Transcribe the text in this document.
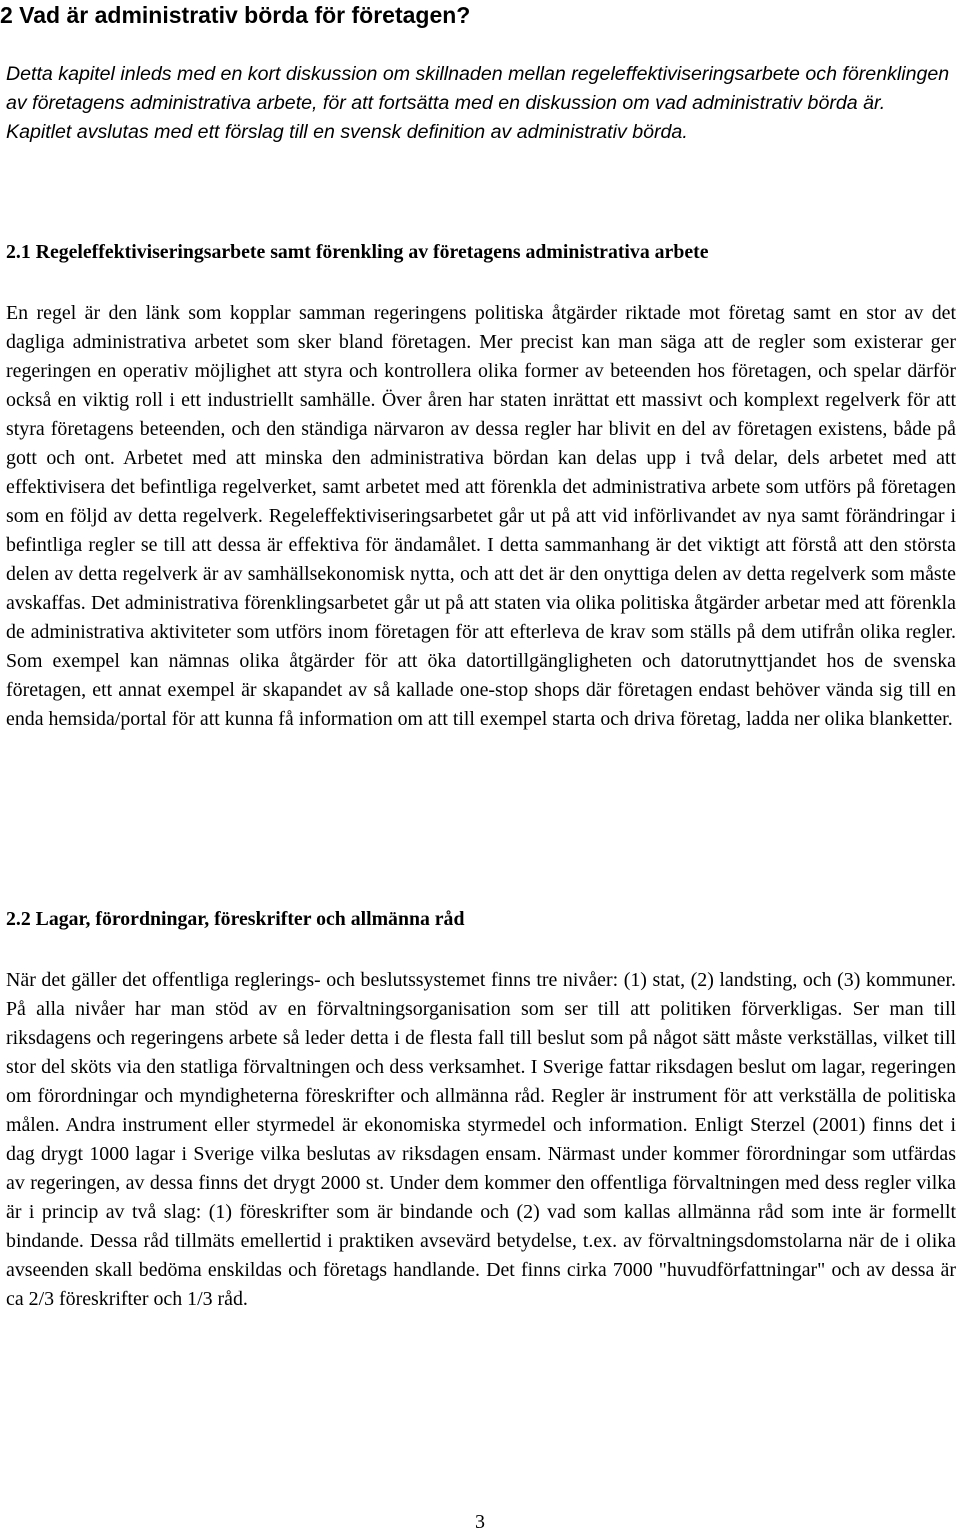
2 Vad är administrativ börda för företagen?

Detta kapitel inleds med en kort diskussion om skillnaden mellan regeleffektiviseringsarbete och förenklingen av företagens administrativa arbete, för att fortsätta med en diskussion om vad administrativ börda är. Kapitlet avslutas med ett förslag till en svensk definition av administrativ börda.

2.1 Regeleffektiviseringsarbete samt förenkling av företagens administrativa arbete

En regel är den länk som kopplar samman regeringens politiska åtgärder riktade mot företag samt en stor av det dagliga administrativa arbetet som sker bland företagen. Mer precist kan man säga att de regler som existerar ger regeringen en operativ möjlighet att styra och kontrollera olika former av beteenden hos företagen, och spelar därför också en viktig roll i ett industriellt samhälle. Över åren har staten inrättat ett massivt och komplext regelverk för att styra företagens beteenden, och den ständiga närvaron av dessa regler har blivit en del av företagen existens, både på gott och ont. Arbetet med att minska den administrativa bördan kan delas upp i två delar, dels arbetet med att effektivisera det befintliga regelverket, samt arbetet med att förenkla det administrativa arbete som utförs på företagen som en följd av detta regelverk. Regeleffektiviseringsarbetet går ut på att vid införlivandet av nya samt förändringar i befintliga regler se till att dessa är effektiva för ändamålet. I detta sammanhang är det viktigt att förstå att den största delen av detta regelverk är av samhällsekonomisk nytta, och att det är den onyttiga delen av detta regelverk som måste avskaffas. Det administrativa förenklingsarbetet går ut på att staten via olika politiska åtgärder arbetar med att förenkla de administrativa aktiviteter som utförs inom företagen för att efterleva de krav som ställs på dem utifrån olika regler. Som exempel kan nämnas olika åtgärder för att öka datortillgängligheten och datorutnyttjandet hos de svenska företagen, ett annat exempel är skapandet av så kallade one-stop shops där företagen endast behöver vända sig till en enda hemsida/portal för att kunna få information om att till exempel starta och driva företag, ladda ner olika blanketter.

2.2 Lagar, förordningar, föreskrifter och allmänna råd

När det gäller det offentliga reglerings- och beslutssystemet finns tre nivåer: (1) stat, (2) landsting, och (3) kommuner. På alla nivåer har man stöd av en förvaltningsorganisation som ser till att politiken förverkligas. Ser man till riksdagens och regeringens arbete så leder detta i de flesta fall till beslut som på något sätt måste verkställas, vilket till stor del sköts via den statliga förvaltningen och dess verksamhet. I Sverige fattar riksdagen beslut om lagar, regeringen om förordningar och myndigheterna föreskrifter och allmänna råd. Regler är instrument för att verkställa de politiska målen. Andra instrument eller styrmedel är ekonomiska styrmedel och information. Enligt Sterzel (2001) finns det i dag drygt 1000 lagar i Sverige vilka beslutas av riksdagen ensam. Närmast under kommer förordningar som utfärdas av regeringen, av dessa finns det drygt 2000 st. Under dem kommer den offentliga förvaltningen med dess regler vilka är i princip av två slag: (1) föreskrifter som är bindande och (2) vad som kallas allmänna råd som inte är formellt bindande. Dessa råd tillmäts emellertid i praktiken avsevärd betydelse, t.ex. av förvaltningsdomstolarna när de i olika avseenden skall bedöma enskildas och företags handlande. Det finns cirka 7000 "huvudförfattningar" och av dessa är ca 2/3 föreskrifter och 1/3 råd.

3
